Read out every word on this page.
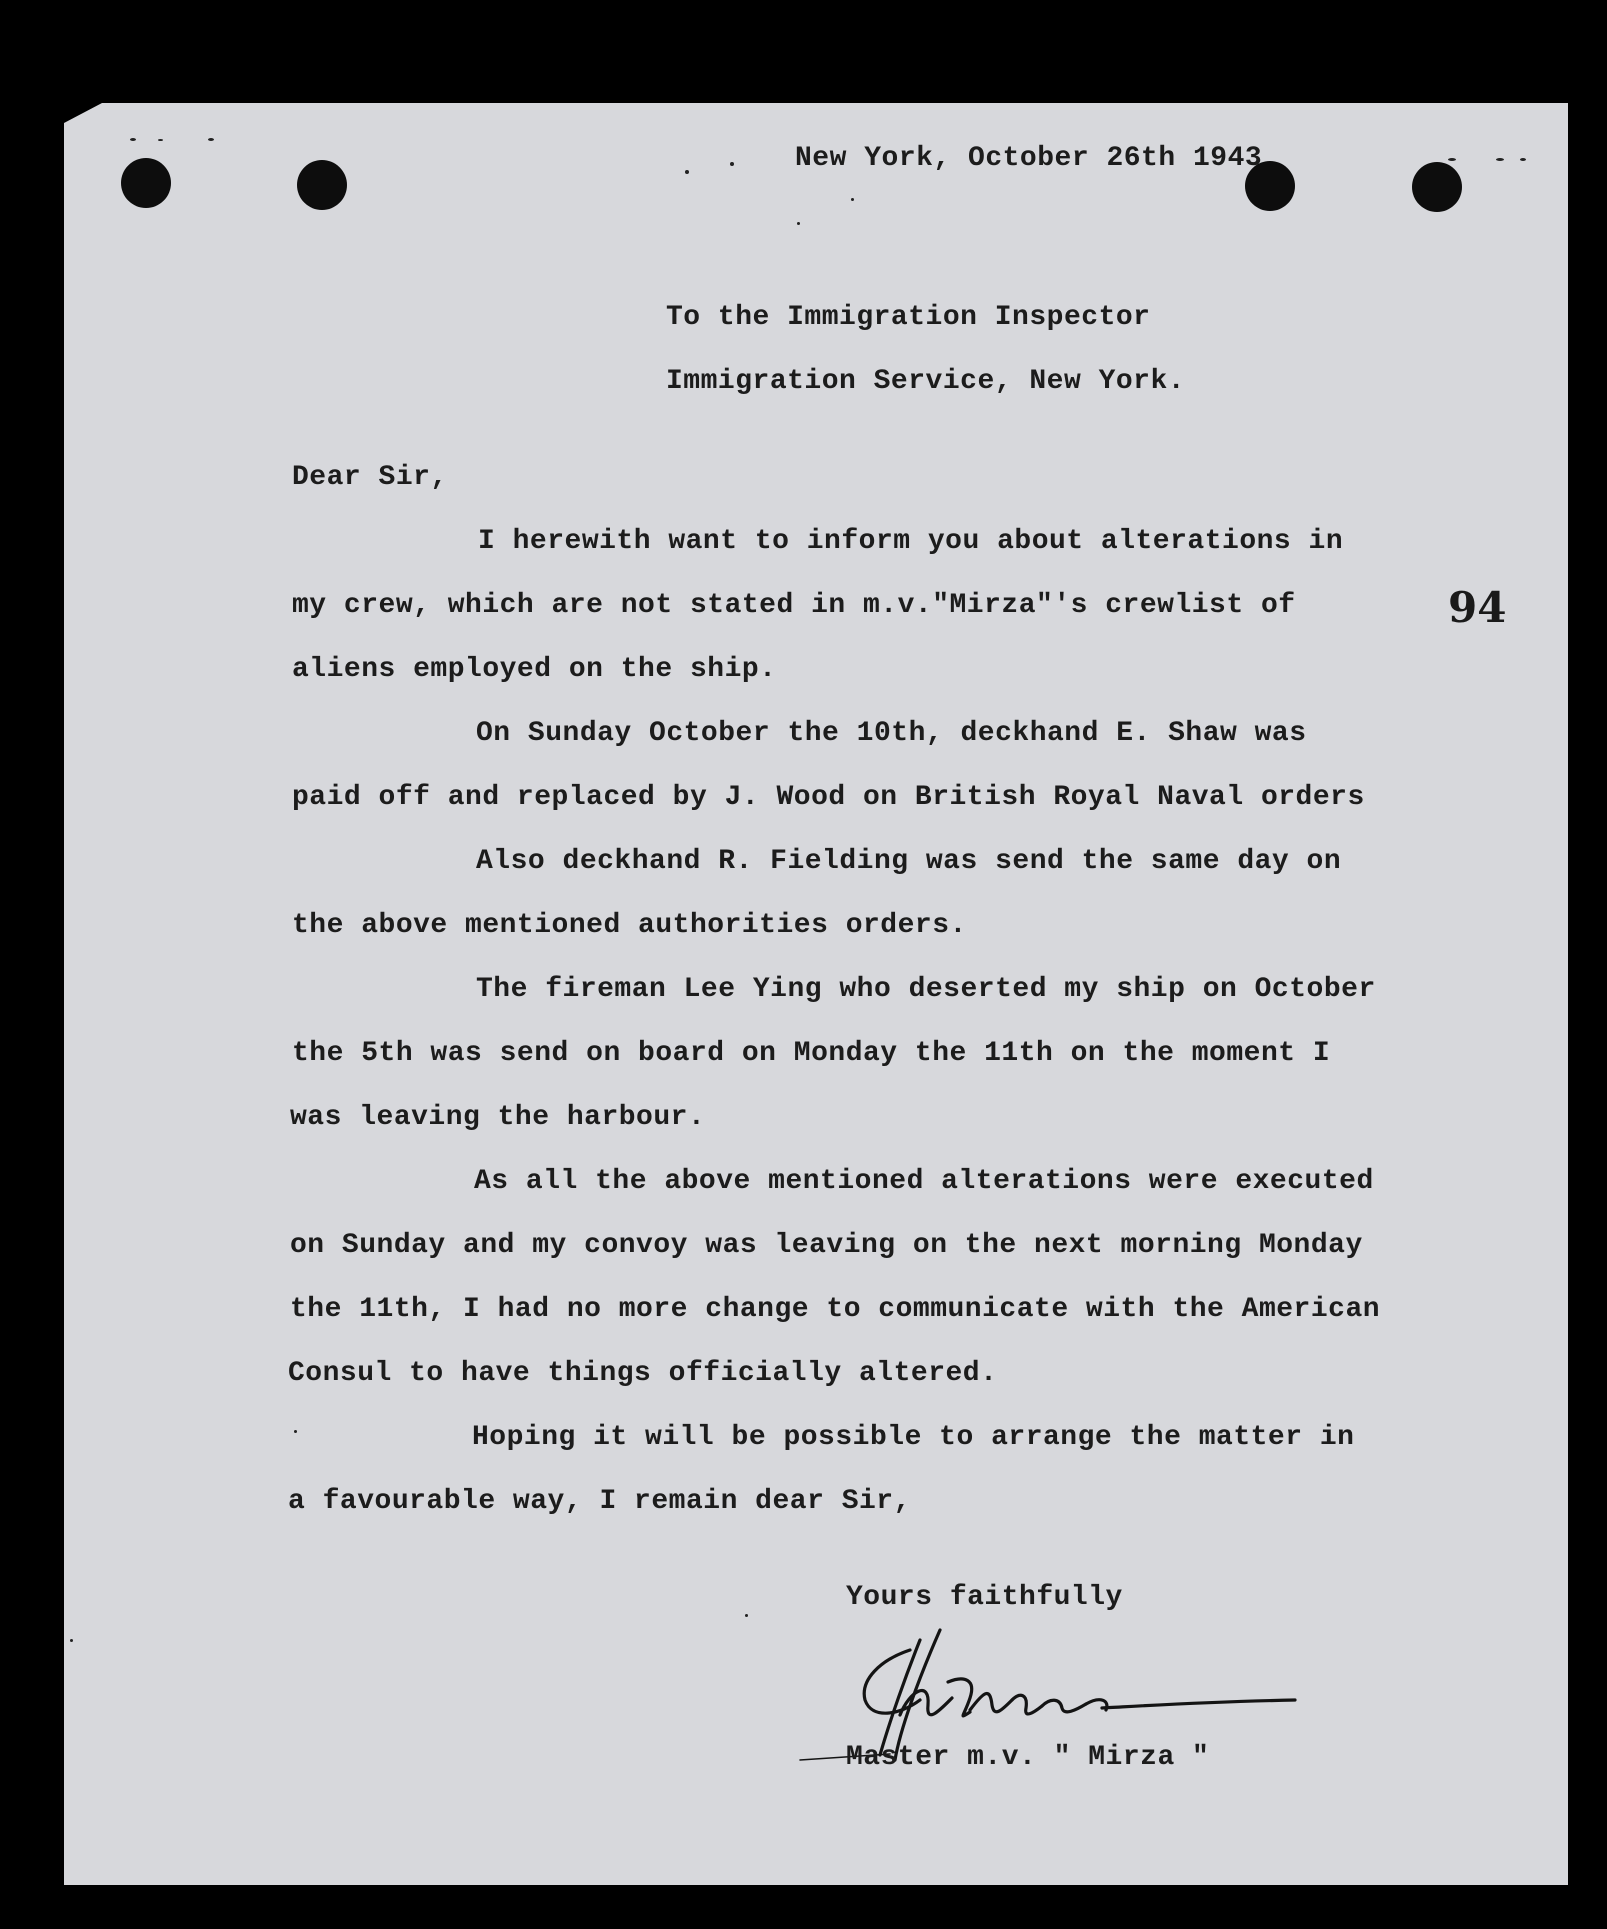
New York, October 26th 1943
To the Immigration Inspector
Immigration Service, New York.
Dear Sir,
I herewith want to inform you about alterations in
my crew, which are not stated in m.v."Mirza"'s crewlist of	94
aliens employed on the ship.
On Sunday October the 10th, deckhand E. Shaw was
paid off and replaced by J. Wood on British Royal Naval orders
Also deckhand R. Fielding was send the same day on
the above mentioned authorities orders.
The fireman Lee Ying who deserted my ship on October
the 5th was send on board on Monday the 11th on the moment I
was leaving the harbour.
As all the above mentioned alterations were executed
on Sunday and my convoy was leaving on the next morning Monday
the 11th, I had no more change to communicate with the American
Consul to have things officially altered.
Hoping it will be possible to arrange the matter in
a favourable way, I remain dear Sir,
Yours faithfully
Master m.v. " Mirza "
